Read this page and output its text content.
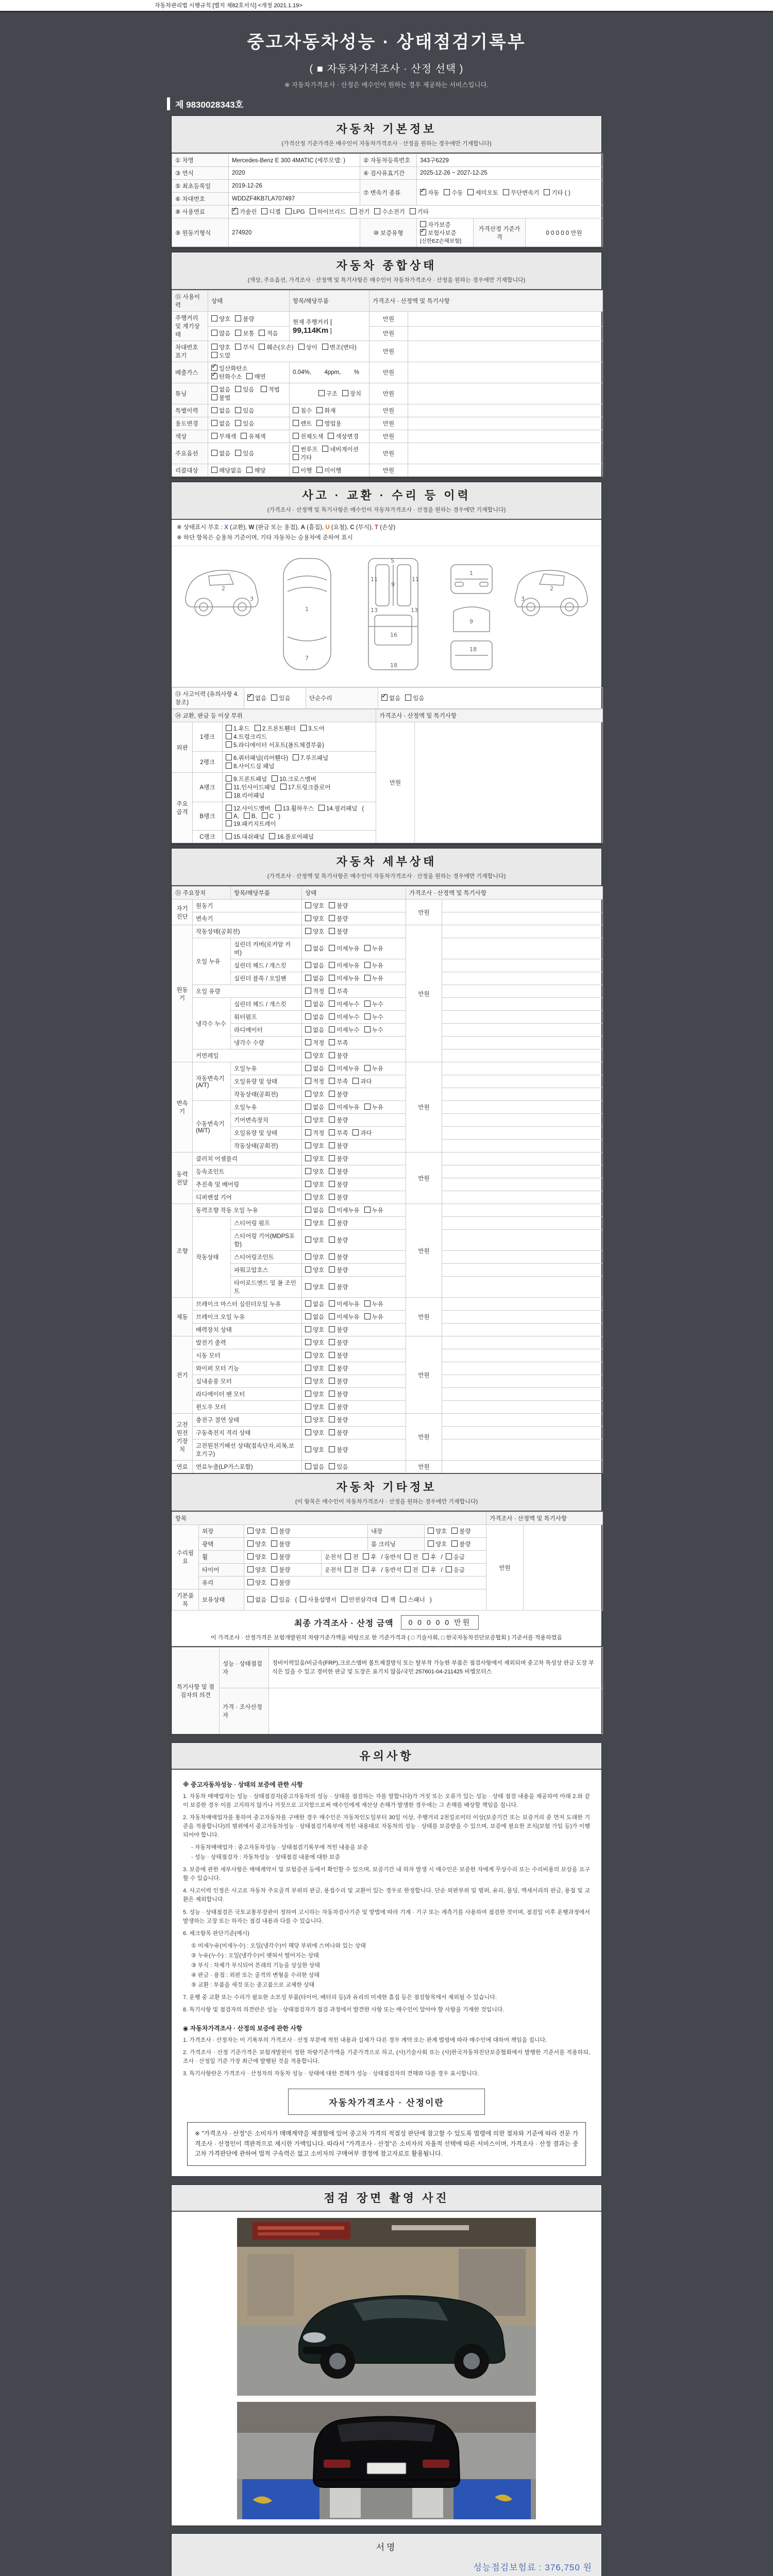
자동차관리법 시행규칙 [별지 제82호서식] <개정 2021.1.19>
중고자동차성능 · 상태점검기록부
( ■ 자동차가격조사 · 산정 선택 )
※ 자동차가격조사 · 산정은 매수인이 원하는 경우 제공하는 서비스입니다.
제 9830028343호
자동차 기본정보
(가격산정 기준가격은 매수인이 자동차가격조사 · 산정을 원하는 경우에만 기재합니다)
① 차명	Mercedes-Benz E 300 4MATIC (세부모델: )	② 자동차등록번호	343구6229		
③ 연식	2020	④ 검사유효기간	2025-12-26 ~ 2027-12-25		
⑤ 최초등록일	2019-12-26	⑦ 변속기 종류	✓자동 수동 세미오토 무단변속기 기타 ( )
⑥ 차대번호	WDDZF4KB7LA707497				
⑧ 사용연료	✓가솔린 디젤 LPG 하이브리드 전기 수소전기 기타
⑨ 원동기형식	274920	⑩ 보증유형	자가보증✓보험사보증[신한EZ손해보험]	가격산정 기준가격	0 0 0 0 0 만원
자동차 종합상태
(색상, 주요옵션, 가격조사 · 산정액 및 특기사항은 매수인이 자동차가격조사 · 산정을 원하는 경우에만 기재합니다)
⑪ 사용이력	상태	항목/해당부품	가격조사 · 산정액 및 특기사항	
주행거리 및 계기상태	양호 불량	현재 주행거리 [ 99,114Km ]	만원	
	많음 보통 적음		만원	
차대번호 표기	양호 부식 훼손(오손) 상이 변조(변타)도말		만원	
배출가스	✓일산화탄소✓탄화수소 매연	0.04%,        4ppm,        %	만원	
튜닝	없음 있음 적법불법	구조 장치	만원	
특별이력	없음 있음	침수 화재	만원	
용도변경	없음 있음	렌트 영업용	만원	
색상	무채색 유채색	전체도색 색상변경	만원	
주요옵션	없음 있음	썬루프 네비게이션기타	만원	
리콜대상	해당없음 해당	이행 미이행	만원	
사고 · 교환 · 수리 등 이력
(가격조사 · 산정액 및 특기사항은 매수인이 자동차가격조사 · 산정을 원하는 경우에만 기재합니다)
※ 상태표시 부호 : X (교환), W (판금 또는 용접), A (흠집), U (요철), C (부식), T (손상)
※ 하단 항목은 승용차 기준이며, 기타 자동차는 승용차에 준하여 표시
2
3
1
7
5
9
11	11
13	13
16
18
2
3
1
9
18
⑬ 사고이력 (유의사항 4.참조)	✓없음 있음	단순수리	✓없음 있음
⑭ 교환, 판금 등 이상 부위			가격조사 · 산정액 및 특기사항	
외판	1랭크	1.후드 2.프론트휀더 3.도어4.트렁크리드
5.라디에이터 서포트(볼트체결부품)	만원	
	2랭크	6.쿼터패널(리어휀다) 7.루프패널8.사이드실 패널		

주요골격	A랭크	9.프론트패널 10.크로스멤버11.인사이드패널 17.트렁크플로어
18.리어패널		

	B랭크	12.사이드멤버 13.휠하우스 14.필러패널 (A, B, C )
19.패키지트레이		

	C랭크	15.대쉬패널 16.플로어패널		
자동차 세부상태
(가격조사 · 산정액 및 특기사항은 매수인이 자동차가격조사 · 산정을 원하는 경우에만 기재합니다)
⑮ 주요장치		항목/해당부품	상태	가격조사 · 산정액 및 특기사항	
자기진단	원동기		양호 불량	만원	
	변속기		양호 불량		
원동기	작동상태(공회전)		양호 불량	만원	
	오일 누유	실린더 커버(로커암 커버)	없음 미세누유 누유		
		실린더 헤드 / 개스킷	없음 미세누유 누유		
		실린더 블록 / 오일팬	없음 미세누유 누유		
	오일 유량		적정 부족		
	냉각수 누수	실린더 헤드 / 개스킷	없음 미세누수 누수		
		워터펌프	없음 미세누수 누수		
		라디에이터	없음 미세누수 누수		
		냉각수 수량	적정 부족		
	커먼레일		양호 불량		
변속기	자동변속기 (A/T)	오일누유	없음 미세누유 누유	만원	
		오일유량 및 상태	적정 부족 과다		
		작동상태(공회전)	양호 불량		
	수동변속기 (M/T)	오일누유	없음 미세누유 누유		
		기어변속장치	양호 불량		
		오일유량 및 상태	적정 부족 과다		
		작동상태(공회전)	양호 불량		
동력전달	클러치 어셈블리		양호 불량	만원	
	등속죠인트		양호 불량		
	추진축 및 베어링		양호 불량		
	디퍼렌셜 기어		양호 불량		
조향	동력조향 작동 오일 누유		없음 미세누유 누유	만원	
	작동상태	스티어링 펌프	양호 불량		
		스티어링 기어(MDPS포함)	양호 불량		
		스티어링조인트	양호 불량		
		파워고압호스	양호 불량		
		타이로드엔드 및 볼 조인트	양호 불량		
제동	브레이크 마스터 실린더오일 누유		없음 미세누유 누유	만원	
	브레이크 오일 누유		없음 미세누유 누유		
	배력장치 상태		양호 불량		
전기	발전기 출력		양호 불량	만원	
	시동 모터		양호 불량		
	와이퍼 모터 기능		양호 불량		
	실내송풍 모터		양호 불량		
	라디에이터 팬 모터		양호 불량		
	윈도우 모터		양호 불량		
고전원전기장치	충전구 절연 상태		양호 불량	만원	
	구동축전지 격리 상태		양호 불량		
	고전원전기배선 상태(접속단자,피복,보호기구)		양호 불량		
연료	연료누출(LP가스포함)		없음 있음	만원	
자동차 기타정보
(이 항목은 매수인이 자동차가격조사 · 산정을 원하는 경우에만 기재합니다)
항목						가격조사 · 산정액 및 특기사항	
수리필요	외장	양호 불량		내장	양호 불량	만원	
	광택	양호 불량		룸 크리닝	양호 불량		
	휠	양호 불량	운전석 전 후 / 동반석 전 후 / 응급				
	타이어	양호 불량	운전석 전 후 / 동반석 전 후 / 응급				
	유리	양호 불량					
기본품목	보유상태	없음 있음 ( 사용설명서 안전삼각대 잭 스패너 )					
최종 가격조사 · 산정 금액	0 0 0 0 0 만원
이 가격조사 · 산정가격은 보험개발원의 차량기준가액을 바탕으로 한 기준가격과 ( □ 기술사회, □ 한국자동차진단보증협회 ) 기준서를 적용하였음
특기사항 및 점검자의 의견	성능 · 상태점검자	정비이력있음/비금속(FRP),크로스멤버 볼트체결방식 또는 탈부착 가능한 부품은 점검사항에서 제외되며 중고차 특성상 판금 도장 부식은 있을 수 있고 경미한 판금 및 도장은 표기치 않음/국민 257601-04-211425 비엠모터스
	가격 · 조사산정자	
유의사항
※ 중고자동차성능 · 상태의 보증에 관한 사항
1. 자동차 매매업자는 성능 · 상태점검자(중고자동차의 성능 · 상태를 점검하는 자를 말합니다)가 거짓 또는 오류가 있는 성능 · 상태 점검 내용을 제공하여 아래 2.와 같이 보증한 경우 이를 고지하지 않거나 거짓으로 고지함으로써 매수인에게 재산상 손해가 발생한 경우에는 그 손해를 배상할 책임을 집니다.
2. 자동차매매업자를 통하여 중고자동차를 구매한 경우 매수인은 자동차인도일부터 30일 이상, 주행거리 2천킬로미터 이상(보증기간 또는 보증거리 중 먼저 도래한 기준을 적용합니다)의 범위에서 중고자동차성능 · 상태점검기록부에 적힌 내용대로 자동차의 성능 · 상태를 보증받을 수 있으며, 보증에 필요한 조치(보험 가입 등)가 이행되어야 합니다.
- 자동차매매업자 : 중고자동차성능 · 상태점검기록부에 적힌 내용을 보증
- 성능 · 상태점검자 : 자동차성능 · 상태점검 내용에 대한 보증
3. 보증에 관한 세부사항은 매매계약서 및 보험증권 등에서 확인할 수 있으며, 보증기간 내 하자 발생 시 매수인은 보증한 자에게 무상수리 또는 수리비용의 보상을 요구할 수 있습니다.
4. 사고이력 인정은 사고로 자동차 주요골격 부위의 판금, 용접수리 및 교환이 있는 경우로 한정합니다. 단순 외판부위 및 범퍼, 유리, 몰딩, 액세서리의 판금, 용접 및 교환은 제외합니다.
5. 성능 · 상태점검은 국토교통부장관이 정하여 고시하는 자동차검사기준 및 방법에 따라 기계 · 기구 또는 계측기를 사용하여 점검한 것이며, 점검일 이후 운행과정에서 발생하는 고장 또는 하자는 점검 내용과 다를 수 있습니다.
6. 체크항목 판단기준(예시)
① 미세누유(미세누수) : 오일(냉각수)이 해당 부위에 스며나와 있는 상태
② 누유(누수) : 오일(냉각수)이 맺혀서 떨어지는 상태
③ 부식 : 차체가 부식되어 본래의 기능을 상실한 상태
④ 판금 · 용접 : 외판 또는 골격의 변형을 수리한 상태
⑤ 교환 : 부품을 새것 또는 중고품으로 교체한 상태
7. 운행 중 교환 또는 수리가 필요한 소모성 부품(타이어, 배터리 등)과 유리의 미세한 흠집 등은 점검항목에서 제외될 수 있습니다.
8. 특기사항 및 점검자의 의견란은 성능 · 상태점검자가 점검 과정에서 발견한 사항 또는 매수인이 알아야 할 사항을 기재한 것입니다.
◉ 자동차가격조사 · 산정의 보증에 관한 사항
1. 가격조사 · 산정자는 이 기록부의 가격조사 · 산정 부분에 적힌 내용과 실제가 다른 경우 계약 또는 관계 법령에 따라 매수인에 대하여 책임을 집니다.
2. 가격조사 · 산정 기준가격은 보험개발원이 정한 차량기준가액을 기준가격으로 하고, (사)기술사회 또는 (사)한국자동차진단보증협회에서 발행한 기준서를 적용하되, 조사 · 산정일 기준 가장 최근에 발행된 것을 적용합니다.
3. 특기사항란은 가격조사 · 산정자의 자동차 성능 · 상태에 대한 견해가 성능 · 상태점검자의 견해와 다를 경우 표시합니다.
자동차가격조사 · 산정이란
※ "가격조사 · 산정"은 소비자가 매매계약을 체결함에 있어 중고차 가격의 적절성 판단에 참고할 수 있도록 법령에 의한 절차와 기준에 따라 전문 가격조사 · 산정인이 객관적으로 제시한 가액입니다. 따라서 "가격조사 · 산정"은 소비자의 자율적 선택에 따른 서비스이며, 가격조사 · 산정 결과는 중고차 가격판단에 관하여 법적 구속력은 없고 소비자의 구매여부 결정에 참고자료로 활용됩니다.
점검 장면 촬영 사진
서명
성능점검보험료 : 376,750 원
